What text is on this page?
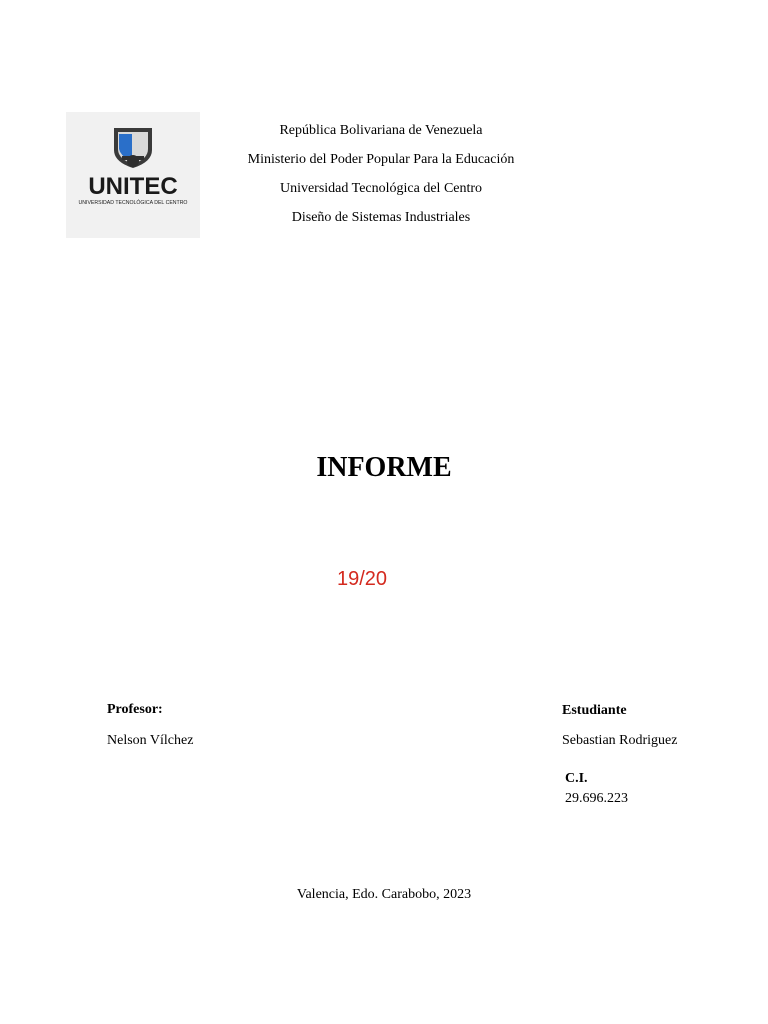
UNITEC
UNIVERSIDAD TECNOLÓGICA DEL CENTRO
República Bolivariana de Venezuela
Ministerio del Poder Popular Para la Educación
Universidad Tecnológica del Centro
Diseño de Sistemas Industriales
INFORME
19/20
Profesor:
Nelson Vílchez
Estudiante
Sebastian Rodriguez
C.I.
29.696.223
Valencia, Edo. Carabobo, 2023
